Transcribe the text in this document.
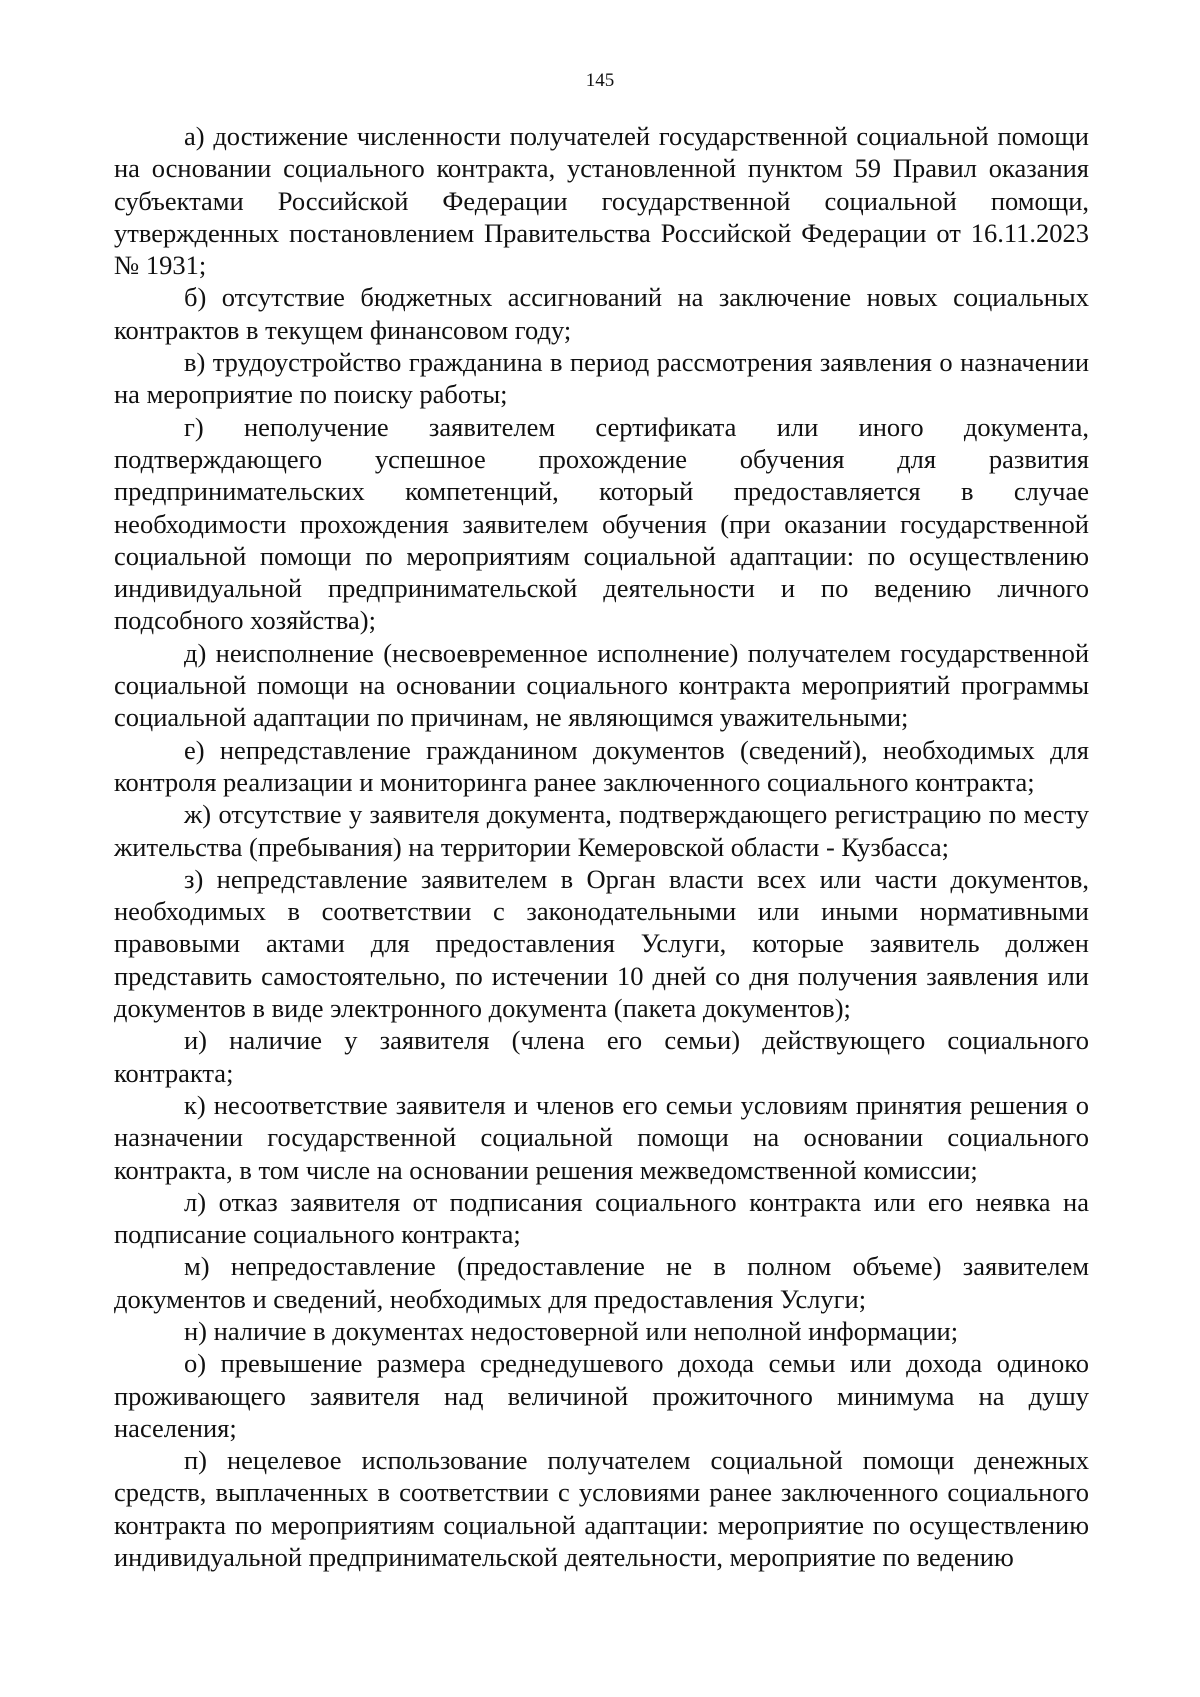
145

а) достижение численности получателей государственной социальной помощи на основании социального контракта, установленной пунктом 59 Правил оказания субъектами Российской Федерации государственной социальной помощи, утвержденных постановлением Правительства Российской Федерации от 16.11.2023 № 1931;

б) отсутствие бюджетных ассигнований на заключение новых социальных контрактов в текущем финансовом году;

в) трудоустройство гражданина в период рассмотрения заявления о назначении на мероприятие по поиску работы;

г) неполучение заявителем сертификата или иного документа, подтверждающего успешное прохождение обучения для развития предпринимательских компетенций, который предоставляется в случае необходимости прохождения заявителем обучения (при оказании государственной социальной помощи по мероприятиям социальной адаптации: по осуществлению индивидуальной предпринимательской деятельности и по ведению личного подсобного хозяйства);

д) неисполнение (несвоевременное исполнение) получателем государственной социальной помощи на основании социального контракта мероприятий программы социальной адаптации по причинам, не являющимся уважительными;

е) непредставление гражданином документов (сведений), необходимых для контроля реализации и мониторинга ранее заключенного социального контракта;

ж) отсутствие у заявителя документа, подтверждающего регистрацию по месту жительства (пребывания) на территории Кемеровской области - Кузбасса;

з) непредставление заявителем в Орган власти всех или части документов, необходимых в соответствии с законодательными или иными нормативными правовыми актами для предоставления Услуги, которые заявитель должен представить самостоятельно, по истечении 10 дней со дня получения заявления или документов в виде электронного документа (пакета документов);

и) наличие у заявителя (члена его семьи) действующего социального контракта;

к) несоответствие заявителя и членов его семьи условиям принятия решения о назначении государственной социальной помощи на основании социального контракта, в том числе на основании решения межведомственной комиссии;

л) отказ заявителя от подписания социального контракта или его неявка на подписание социального контракта;

м) непредоставление (предоставление не в полном объеме) заявителем документов и сведений, необходимых для предоставления Услуги;

н) наличие в документах недостоверной или неполной информации;

о) превышение размера среднедушевого дохода семьи или дохода одиноко проживающего заявителя над величиной прожиточного минимума на душу населения;

п) нецелевое использование получателем социальной помощи денежных средств, выплаченных в соответствии с условиями ранее заключенного социального контракта по мероприятиям социальной адаптации: мероприятие по осуществлению индивидуальной предпринимательской деятельности, мероприятие по ведению
